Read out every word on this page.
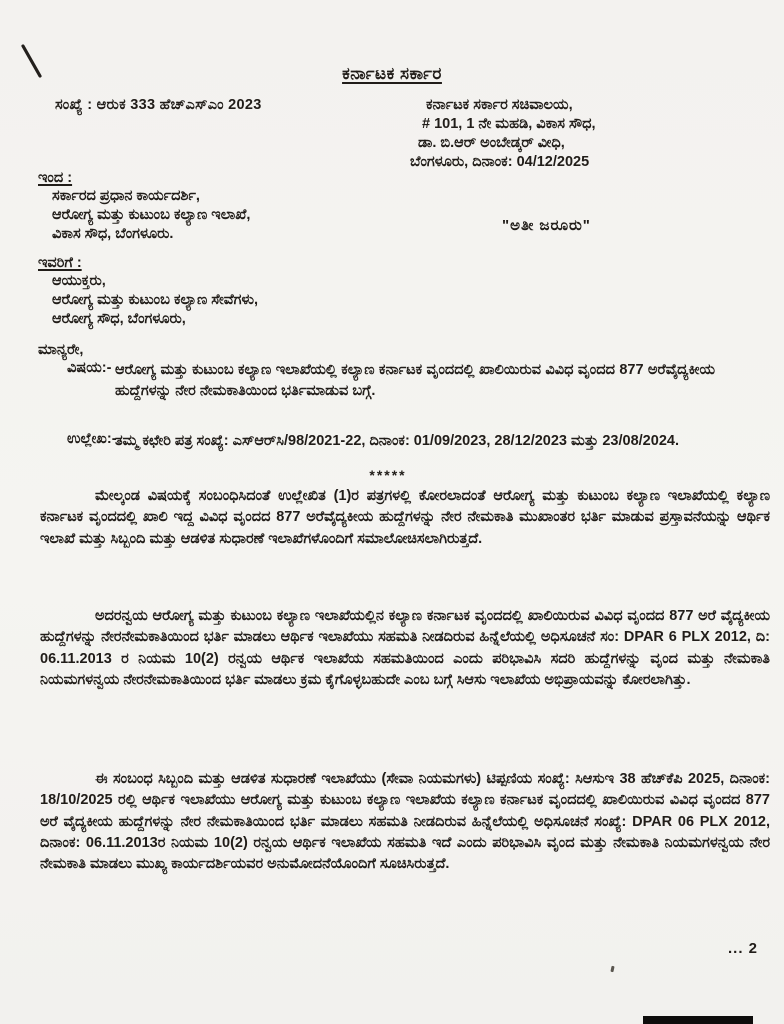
ಕರ್ನಾಟಕ ಸರ್ಕಾರ
ಸಂಖ್ಯೆ : ಆರುಕ 333 ಹೆಚ್‌ಎಸ್‌ಎಂ 2023	ಕರ್ನಾಟಕ ಸರ್ಕಾರ ಸಚಿವಾಲಯ,
# 101, 1 ನೇ ಮಹಡಿ, ವಿಕಾಸ ಸೌಧ,
ಡಾ. ಬಿ.ಆರ್ ಅಂಬೇಡ್ಕರ್ ವೀಧಿ,
ಬೆಂಗಳೂರು, ದಿನಾಂಕ: 04/12/2025
ಇಂದ :
ಸರ್ಕಾರದ ಪ್ರಧಾನ ಕಾರ್ಯದರ್ಶಿ,
ಆರೋಗ್ಯ ಮತ್ತು ಕುಟುಂಬ ಕಲ್ಯಾಣ ಇಲಾಖೆ,
ವಿಕಾಸ ಸೌಧ, ಬೆಂಗಳೂರು.	"ಅತೀ ಜರೂರು"
ಇವರಿಗೆ :
ಆಯುಕ್ತರು,
ಆರೋಗ್ಯ ಮತ್ತು ಕುಟುಂಬ ಕಲ್ಯಾಣ ಸೇವೆಗಳು,
ಆರೋಗ್ಯ ಸೌಧ, ಬೆಂಗಳೂರು,
ಮಾನ್ಯರೇ,
ವಿಷಯ:- ಆರೋಗ್ಯ ಮತ್ತು ಕುಟುಂಬ ಕಲ್ಯಾಣ ಇಲಾಖೆಯಲ್ಲಿ ಕಲ್ಯಾಣ ಕರ್ನಾಟಕ ವೃಂದದಲ್ಲಿ ಖಾಲಿಯಿರುವ ವಿವಿಧ ವೃಂದದ 877 ಅರೆವೈದ್ಯಕೀಯ ಹುದ್ದೆಗಳನ್ನು ನೇರ ನೇಮಕಾತಿಯಿಂದ ಭರ್ತಿಮಾಡುವ ಬಗ್ಗೆ.
ಉಲ್ಲೇಖ:-
ತಮ್ಮ ಕಛೇರಿ ಪತ್ರ ಸಂಖ್ಯೆ: ಎಸ್‌ಆರ್‌ಸಿ/98/2021-22, ದಿನಾಂಕ: 01/09/2023, 28/12/2023 ಮತ್ತು 23/08/2024.
*****
ಮೇಲ್ಕಂಡ ವಿಷಯಕ್ಕೆ ಸಂಬಂಧಿಸಿದಂತೆ ಉಲ್ಲೇಖಿತ (1)ರ ಪತ್ರಗಳಲ್ಲಿ ಕೋರಲಾದಂತೆ ಆರೋಗ್ಯ ಮತ್ತು ಕುಟುಂಬ ಕಲ್ಯಾಣ ಇಲಾಖೆಯಲ್ಲಿ ಕಲ್ಯಾಣ ಕರ್ನಾಟಕ ವೃಂದದಲ್ಲಿ ಖಾಲಿ ಇದ್ದ ವಿವಿಧ ವೃಂದದ 877 ಅರೆವೈದ್ಯಕೀಯ ಹುದ್ದೆಗಳನ್ನು ನೇರ ನೇಮಕಾತಿ ಮುಖಾಂತರ ಭರ್ತಿ ಮಾಡುವ ಪ್ರಸ್ತಾವನೆಯನ್ನು ಆರ್ಥಿಕ ಇಲಾಖೆ ಮತ್ತು ಸಿಬ್ಬಂದಿ ಮತ್ತು ಆಡಳಿತ ಸುಧಾರಣೆ ಇಲಾಖೆಗಳೊಂದಿಗೆ ಸಮಾಲೋಚಿಸಲಾಗಿರುತ್ತದೆ.
ಅದರನ್ವಯ ಆರೋಗ್ಯ ಮತ್ತು ಕುಟುಂಬ ಕಲ್ಯಾಣ ಇಲಾಖೆಯಲ್ಲಿನ ಕಲ್ಯಾಣ ಕರ್ನಾಟಕ ವೃಂದದಲ್ಲಿ ಖಾಲಿಯಿರುವ ವಿವಿಧ ವೃಂದದ 877 ಅರೆ ವೈದ್ಯಕೀಯ ಹುದ್ದೆಗಳನ್ನು ನೇರನೇಮಕಾತಿಯಿಂದ ಭರ್ತಿ ಮಾಡಲು ಆರ್ಥಿಕ ಇಲಾಖೆಯು ಸಹಮತಿ ನೀಡದಿರುವ ಹಿನ್ನೆಲೆಯಲ್ಲಿ ಅಧಿಸೂಚನೆ ಸಂ: DPAR 6 PLX 2012, ದಿ: 06.11.2013 ರ ನಿಯಮ 10(2) ರನ್ವಯ ಆರ್ಥಿಕ ಇಲಾಖೆಯ ಸಹಮತಿಯಿಂದ ಎಂದು ಪರಿಭಾವಿಸಿ ಸದರಿ ಹುದ್ದೆಗಳನ್ನು ವೃಂದ ಮತ್ತು ನೇಮಕಾತಿ ನಿಯಮಗಳನ್ವಯ ನೇರನೇಮಕಾತಿಯಿಂದ ಭರ್ತಿ ಮಾಡಲು ಕ್ರಮ ಕೈಗೊಳ್ಳಬಹುದೇ ಎಂಬ ಬಗ್ಗೆ ಸಿಆಸು ಇಲಾಖೆಯ ಅಭಿಪ್ರಾಯವನ್ನು ಕೋರಲಾಗಿತ್ತು.
ಈ ಸಂಬಂಧ ಸಿಬ್ಬಂದಿ ಮತ್ತು ಆಡಳಿತ ಸುಧಾರಣೆ ಇಲಾಖೆಯು (ಸೇವಾ ನಿಯಮಗಳು) ಟಿಪ್ಪಣಿಯ ಸಂಖ್ಯೆ: ಸಿಆಸುಇ 38 ಹೆಚ್‌ಕೆಪಿ 2025, ದಿನಾಂಕ: 18/10/2025 ರಲ್ಲಿ ಆರ್ಥಿಕ ಇಲಾಖೆಯು ಆರೋಗ್ಯ ಮತ್ತು ಕುಟುಂಬ ಕಲ್ಯಾಣ ಇಲಾಖೆಯ ಕಲ್ಯಾಣ ಕರ್ನಾಟಕ ವೃಂದದಲ್ಲಿ ಖಾಲಿಯಿರುವ ವಿವಿಧ ವೃಂದದ 877 ಅರೆ ವೈದ್ಯಕೀಯ ಹುದ್ದೆಗಳನ್ನು ನೇರ ನೇಮಕಾತಿಯಿಂದ ಭರ್ತಿ ಮಾಡಲು ಸಹಮತಿ ನೀಡದಿರುವ ಹಿನ್ನೆಲೆಯಲ್ಲಿ ಅಧಿಸೂಚನೆ ಸಂಖ್ಯೆ: DPAR 06 PLX 2012, ದಿನಾಂಕ: 06.11.2013ರ ನಿಯಮ 10(2) ರನ್ವಯ ಆರ್ಥಿಕ ಇಲಾಖೆಯ ಸಹಮತಿ ಇದೆ ಎಂದು ಪರಿಭಾವಿಸಿ ವೃಂದ ಮತ್ತು ನೇಮಕಾತಿ ನಿಯಮಗಳನ್ವಯ ನೇರ ನೇಮಕಾತಿ ಮಾಡಲು ಮುಖ್ಯ ಕಾರ್ಯದರ್ಶಿಯವರ ಅನುಮೋದನೆಯೊಂದಿಗೆ ಸೂಚಿಸಿರುತ್ತದೆ.
... 2
